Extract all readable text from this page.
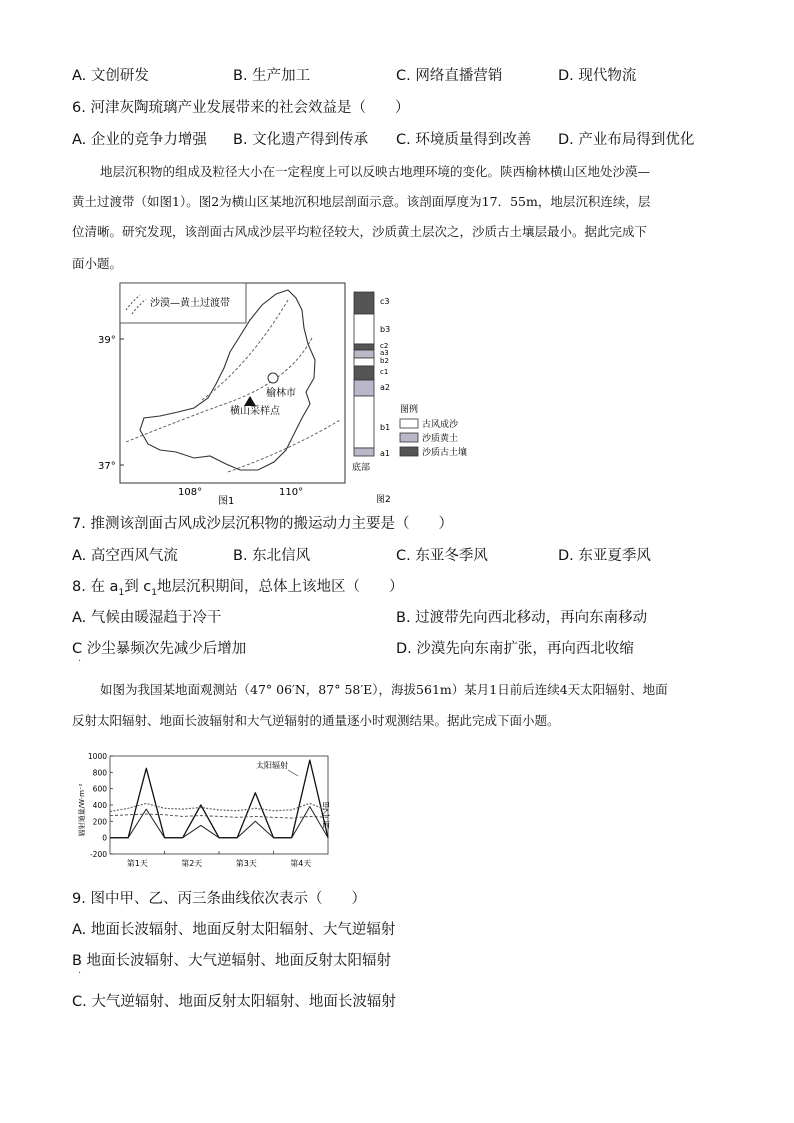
A. 文创研发	B. 生产加工	C. 网络直播营销	D. 现代物流
6. 河津灰陶琉璃产业发展带来的社会效益是（　　）
A. 企业的竞争力增强 B. 文化遗产得到传承 C. 环境质量得到改善 D. 产业布局得到优化
地层沉积物的组成及粒径大小在一定程度上可以反映古地理环境的变化。陕西榆林横山区地处沙漠—
黄土过渡带（如图1）。图2为横山区某地沉积地层剖面示意。该剖面厚度为17．55m，地层沉积连续，层
位清晰。研究发现，该剖面古风成沙层平均粒径较大，沙质黄土层次之，沙质古土壤层最小。据此完成下
面小题。
沙漠—黄土过渡带
39°
37°
108°	110°
榆林市
横山采样点
图1
c3
b3
c2
a3
b2
c1
a2
b1
a1
底部
图2
图例
古风成沙
沙质黄土
沙质古土壤
7. 推测该剖面古风成沙层沉积物的搬运动力主要是（　　）
A. 高空西风气流	B. 东北信风	C. 东亚冬季风	D. 东亚夏季风
8. 在 $a_1$到 $c_1$地层沉积期间，总体上该地区（　　）
A. 气候由暖湿趋于冷干	B. 过渡带先向西北移动，再向东南移动
C 沙尘暴频次先减少后增加	D. 沙漠先向东南扩张，再向西北收缩
·
如图为我国某地面观测站（47° 06′N，87° 58′E），海拔561m）某月1日前后连续4天太阳辐射、地面
反射太阳辐射、地面长波辐射和大气逆辐射的通量逐小时观测结果。据此完成下面小题。
1000
800
600
400
200
0
-200
辐射通量/W·m⁻²
第1天	第2天	第3天	第4天
甲
乙
丙
太阳辐射
9. 图中甲、乙、丙三条曲线依次表示（　　）
A. 地面长波辐射、地面反射太阳辐射、大气逆辐射
B 地面长波辐射、大气逆辐射、地面反射太阳辐射
·
C. 大气逆辐射、地面反射太阳辐射、地面长波辐射
